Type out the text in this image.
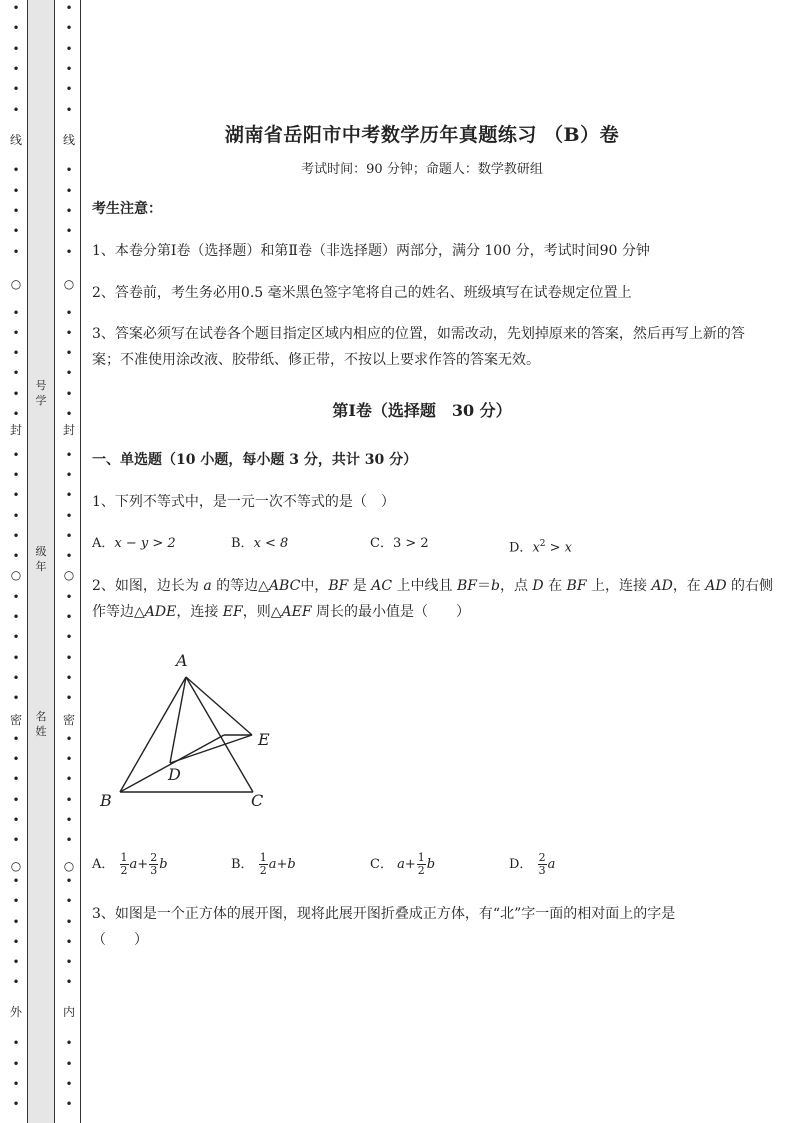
•
•
•
•
•
•
•
•
•
•
•
•
•
•
•
•
•
•
•
•
•
•
•
•
•
•
•
•
•
•
•
•
•
•
•
•
•
•
•
•
•
•
•
•
•
线
○
封
○
密
○
外
•
•
•
•
•
•
•
•
•
•
•
•
•
•
•
•
•
•
•
•
•
•
•
•
•
•
•
•
•
•
•
•
•
•
•
•
•
•
•
•
•
•
•
•
•
线
○
封
○
密
○
内
号
学
级
年
名
姓
湖南省岳阳市中考数学历年真题练习 （B）卷
考试时间：90 分钟；命题人：数学教研组
考生注意：
1、本卷分第Ⅰ卷（选择题）和第Ⅱ卷（非选择题）两部分，满分 100 分，考试时间90 分钟
2、答卷前，考生务必用0.5 毫米黑色签字笔将自己的姓名、班级填写在试卷规定位置上
3、答案必须写在试卷各个题目指定区域内相应的位置，如需改动，先划掉原来的答案，然后再写上新的答案；不准使用涂改液、胶带纸、修正带，不按以上要求作答的答案无效。
第Ⅰ卷（选择题　30 分）
一、单选题（10 小题，每小题 3 分，共计 30 分）
1、下列不等式中，是一元一次不等式的是（　）
A．x − y > 2	B．x < 8	C．3 > 2	D．$x^2 > x$
2、如图，边长为 a 的等边△ABC中，BF 是 AC 上中线且 BF＝b，点 D 在 BF 上，连接 AD，在 AD 的右侧
作等边△ADE，连接 EF，则△AEF 周长的最小值是（　　）
A
B	C
D
E
A． $\frac{1}{2} a+ \frac{2}{3}$ b	B． $\frac{1}{2} a+b$	C． $a+ \frac{1}{2}$ b	D． $\frac{2}{3}$ a
3、如图是一个正方体的展开图，现将此展开图折叠成正方体，有“北”字一面的相对面上的字是
（　　）
